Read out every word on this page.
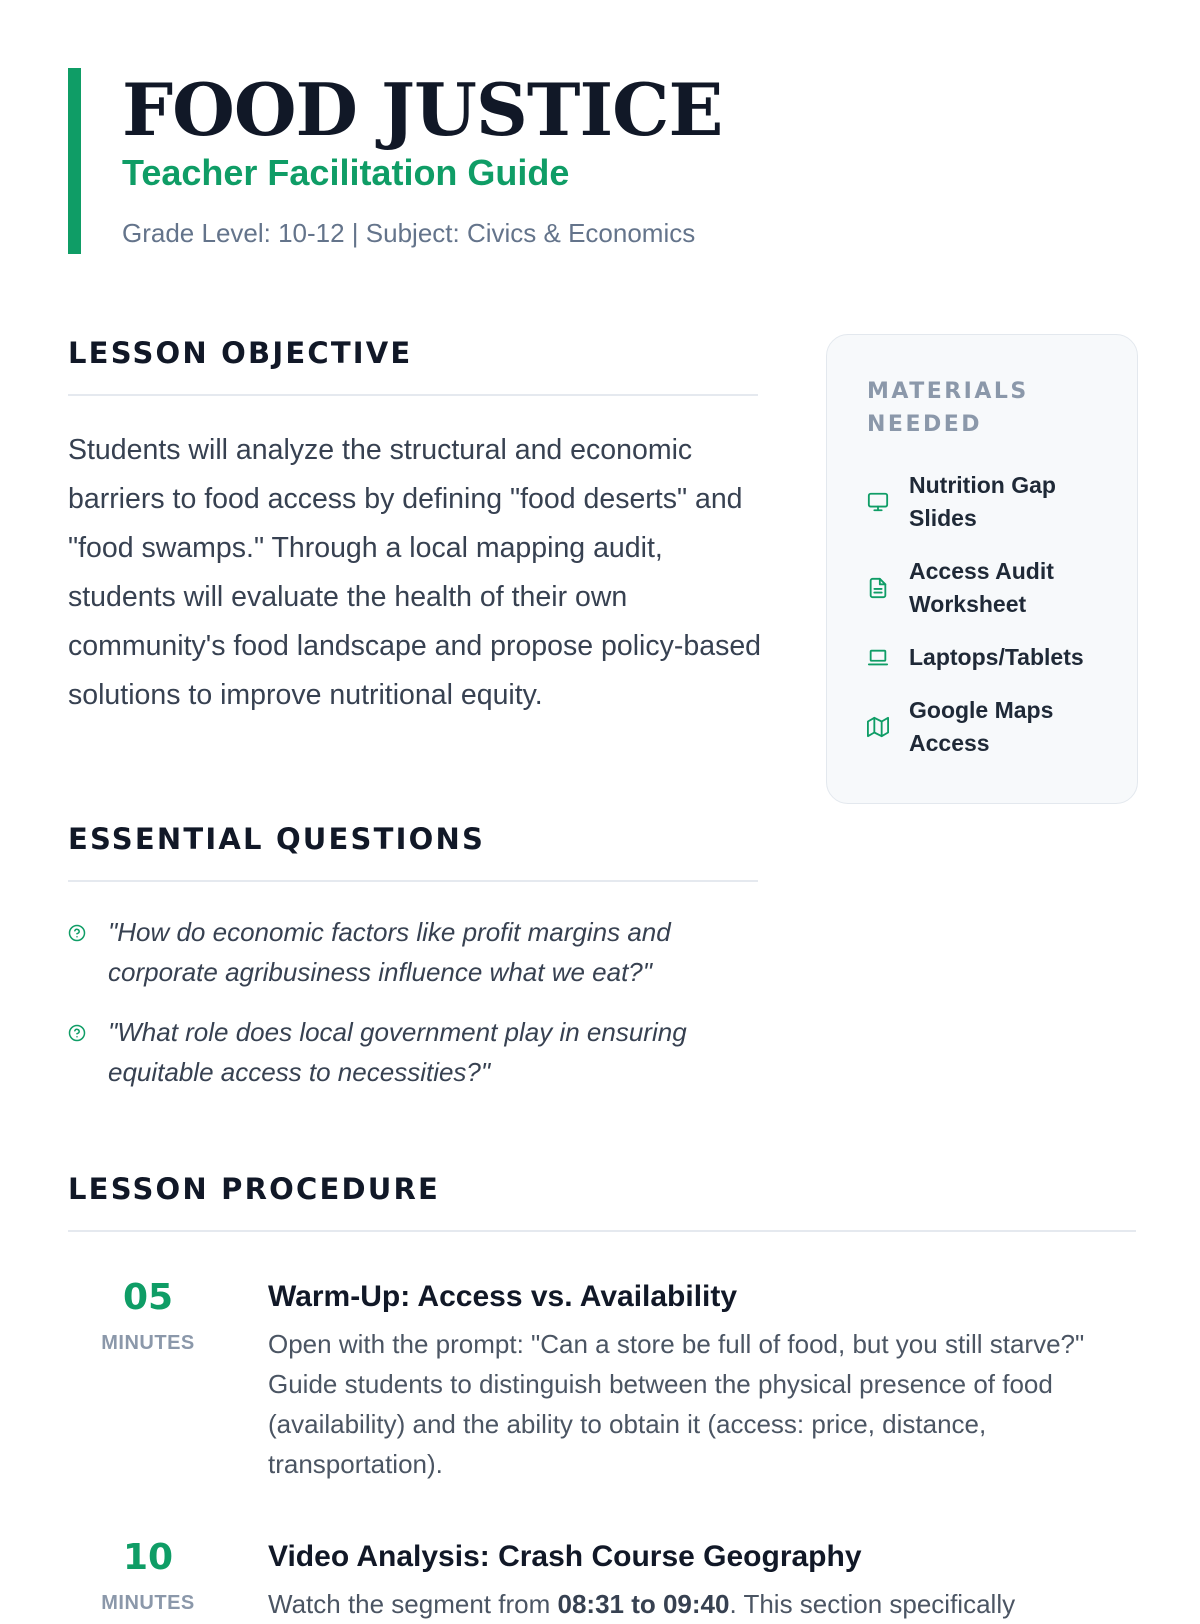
FOOD JUSTICE

Teacher Facilitation Guide

Grade Level: 10-12 | Subject: Civics & Economics

LESSON OBJECTIVE

Students will analyze the structural and economic barriers to food access by defining "food deserts" and "food swamps." Through a local mapping audit, students will evaluate the health of their own community's food landscape and propose policy-based solutions to improve nutritional equity.

ESSENTIAL QUESTIONS
"How do economic factors like profit margins and corporate agribusiness influence what we eat?"
"What role does local government play in ensuring equitable access to necessities?"
MATERIALS NEEDED
Nutrition Gap Slides
Access Audit Worksheet
Laptops/Tablets
Google Maps Access
LESSON PROCEDURE

05

MINUTES

Warm-Up: Access vs. Availability

Open with the prompt: "Can a store be full of food, but you still starve?" Guide students to distinguish between the physical presence of food (availability) and the ability to obtain it (access: price, distance, transportation).

10

MINUTES

Video Analysis: Crash Course Geography

Watch the segment from 08:31 to 09:40. This section specifically
